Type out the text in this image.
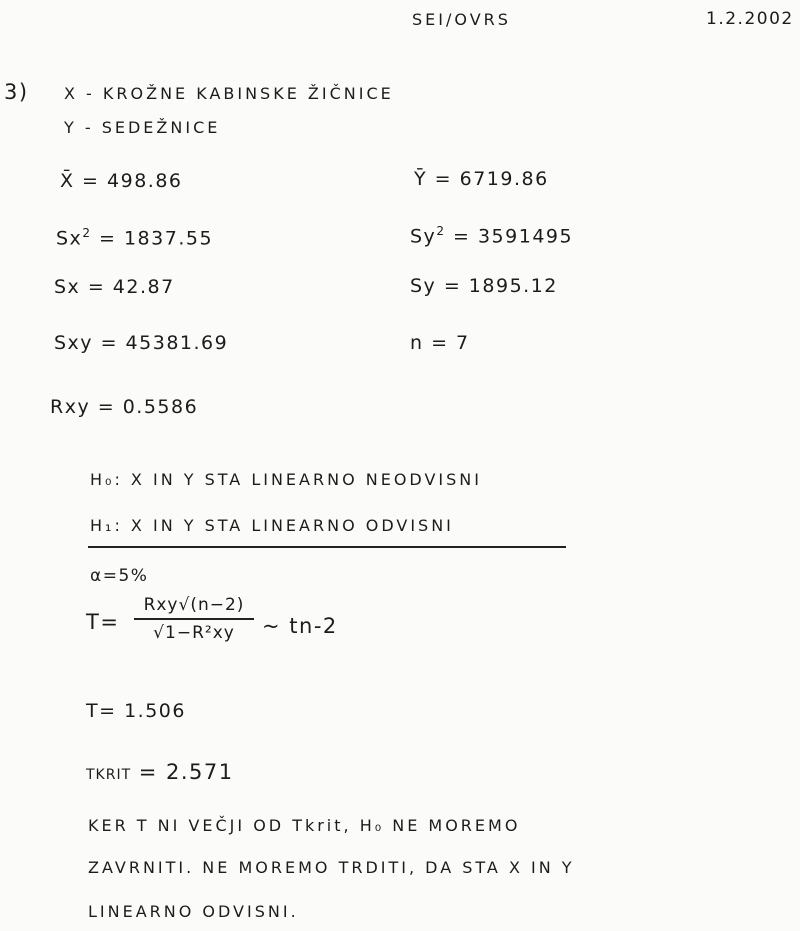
SEI/OVRS	1.2.2002
3) X - KROŽNE KABINSKE ŽIČNICE
Y - SEDEŽNICE
X̄ = 498.86	Ȳ = 6719.86
$Sx^2 = 1837.55$	$Sy^2 = 3591495$
Sx = 42.87	Sy = 1895.12
Sxy = 45381.69	n = 7
Rxy = 0.5586
H₀: X IN Y STA LINEARNO NEODVISNI
H₁: X IN Y STA LINEARNO ODVISNI
α=5%
T=
Rxy√(n−2)
√1−R²xy	~ tn-2
T= 1.506
TKRIT = 2.571
KER T NI VEČJI OD Tkrit, H₀ NE MOREMO
ZAVRNITI. NE MOREMO TRDITI, DA STA X IN Y
LINEARNO ODVISNI.
